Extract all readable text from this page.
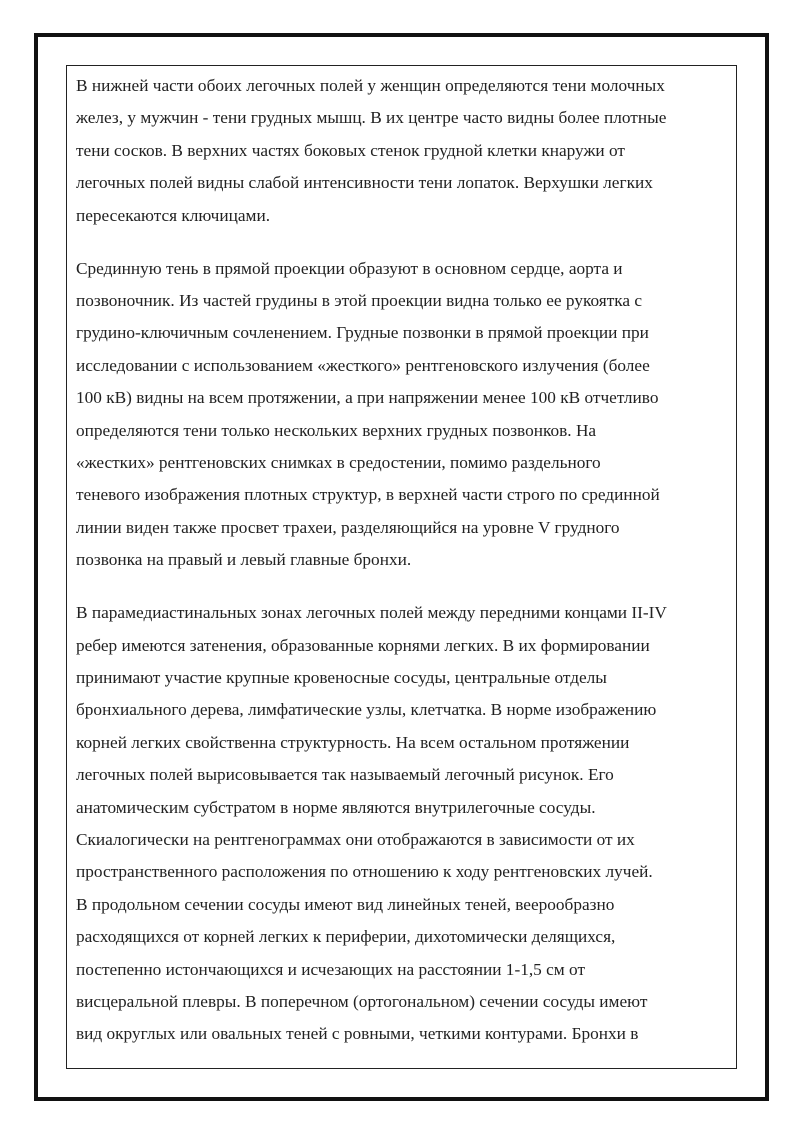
В нижней части обоих легочных полей у женщин определяются тени молочных
желез, у мужчин - тени грудных мышц. В их центре часто видны более плотные
тени сосков. В верхних частях боковых стенок грудной клетки кнаружи от
легочных полей видны слабой интенсивности тени лопаток. Верхушки легких
пересекаются ключицами.
Срединную тень в прямой проекции образуют в основном сердце, аорта и
позвоночник. Из частей грудины в этой проекции видна только ее рукоятка с
грудино-ключичным сочленением. Грудные позвонки в прямой проекции при
исследовании с использованием «жесткого» рентгеновского излучения (более
100 кВ) видны на всем протяжении, а при напряжении менее 100 кВ отчетливо
определяются тени только нескольких верхних грудных позвонков. На
«жестких» рентгеновских снимках в средостении, помимо раздельного
теневого изображения плотных структур, в верхней части строго по срединной
линии виден также просвет трахеи, разделяющийся на уровне V грудного
позвонка на правый и левый главные бронхи.
В парамедиастинальных зонах легочных полей между передними концами II-IV
ребер имеются затенения, образованные корнями легких. В их формировании
принимают участие крупные кровеносные сосуды, центральные отделы
бронхиального дерева, лимфатические узлы, клетчатка. В норме изображению
корней легких свойственна структурность. На всем остальном протяжении
легочных полей вырисовывается так называемый легочный рисунок. Его
анатомическим субстратом в норме являются внутрилегочные сосуды.
Скиалогически на рентгенограммах они отображаются в зависимости от их
пространственного расположения по отношению к ходу рентгеновских лучей.
В продольном сечении сосуды имеют вид линейных теней, веерообразно
расходящихся от корней легких к периферии, дихотомически делящихся,
постепенно истончающихся и исчезающих на расстоянии 1-1,5 см от
висцеральной плевры. В поперечном (ортогональном) сечении сосуды имеют
вид округлых или овальных теней с ровными, четкими контурами. Бронхи в
